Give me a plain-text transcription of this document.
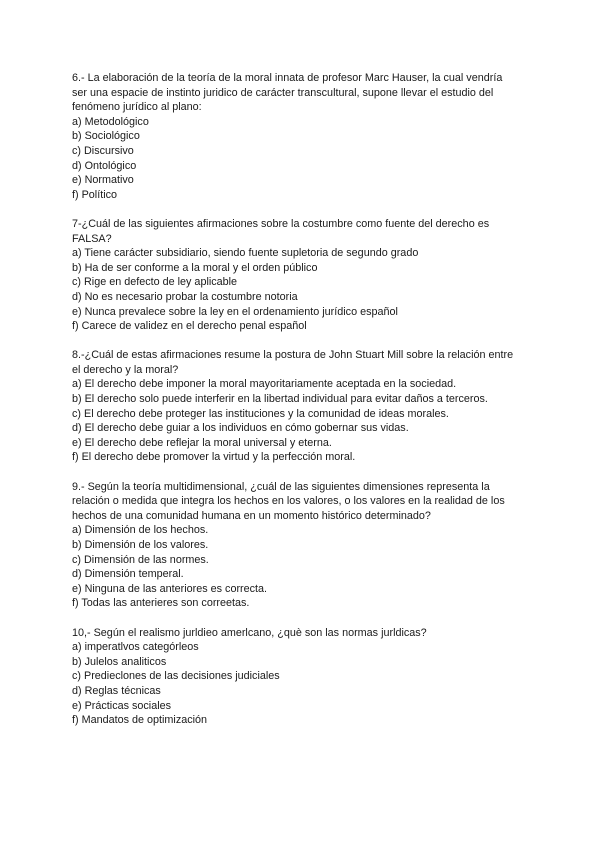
6.- La elaboración de la teoría de la moral innata de profesor Marc Hauser, la cual vendría
ser una espacie de instinto juridico de carácter transcultural, supone llevar el estudio del
fenómeno jurídico al plano:
a) Metodológico
b) Sociológico
c) Discursivo
d) Ontológico
e) Normativo
f) Político
7-¿Cuál de las siguientes afirmaciones sobre la costumbre como fuente del derecho es
FALSA?
a) Tiene carácter subsidiario, siendo fuente supletoria de segundo grado
b) Ha de ser conforme a la moral y el orden público
c) Rige en defecto de ley aplicable
d) No es necesario probar la costumbre notoria
e) Nunca prevalece sobre la ley en el ordenamiento jurídico español
f) Carece de validez en el derecho penal español
8.-¿Cuál de estas afirmaciones resume la postura de John Stuart Mill sobre la relación entre
el derecho y la moral?
a) El derecho debe imponer la moral mayoritariamente aceptada en la sociedad.
b) El derecho solo puede interferir en la libertad individual para evitar daños a terceros.
c) El derecho debe proteger las instituciones y la comunidad de ideas morales.
d) El derecho debe guiar a los individuos en cómo gobernar sus vidas.
e) El derecho debe reflejar la moral universal y eterna.
f) El derecho debe promover la virtud y la perfección moral.
9.- Según la teoría multidimensional, ¿cuál de las siguientes dimensiones representa la
relación o medida que integra los hechos en los valores, o los valores en la realidad de los
hechos de una comunidad humana en un momento histórico determinado?
a) Dimensión de los hechos.
b) Dimensión de los valores.
c) Dimensión de las normes.
d) Dimensión temperal.
e) Ninguna de las anteriores es correcta.
f) Todas las anterieres son correetas.
10,- Según el realismo jurldieo amerlcano, ¿què son las normas jurldicas?
a) imperatlvos categórleos
b) Julelos analiticos
c) Predieclones de las decisiones judiciales
d) Reglas técnicas
e) Prácticas sociales
f) Mandatos de optimización
